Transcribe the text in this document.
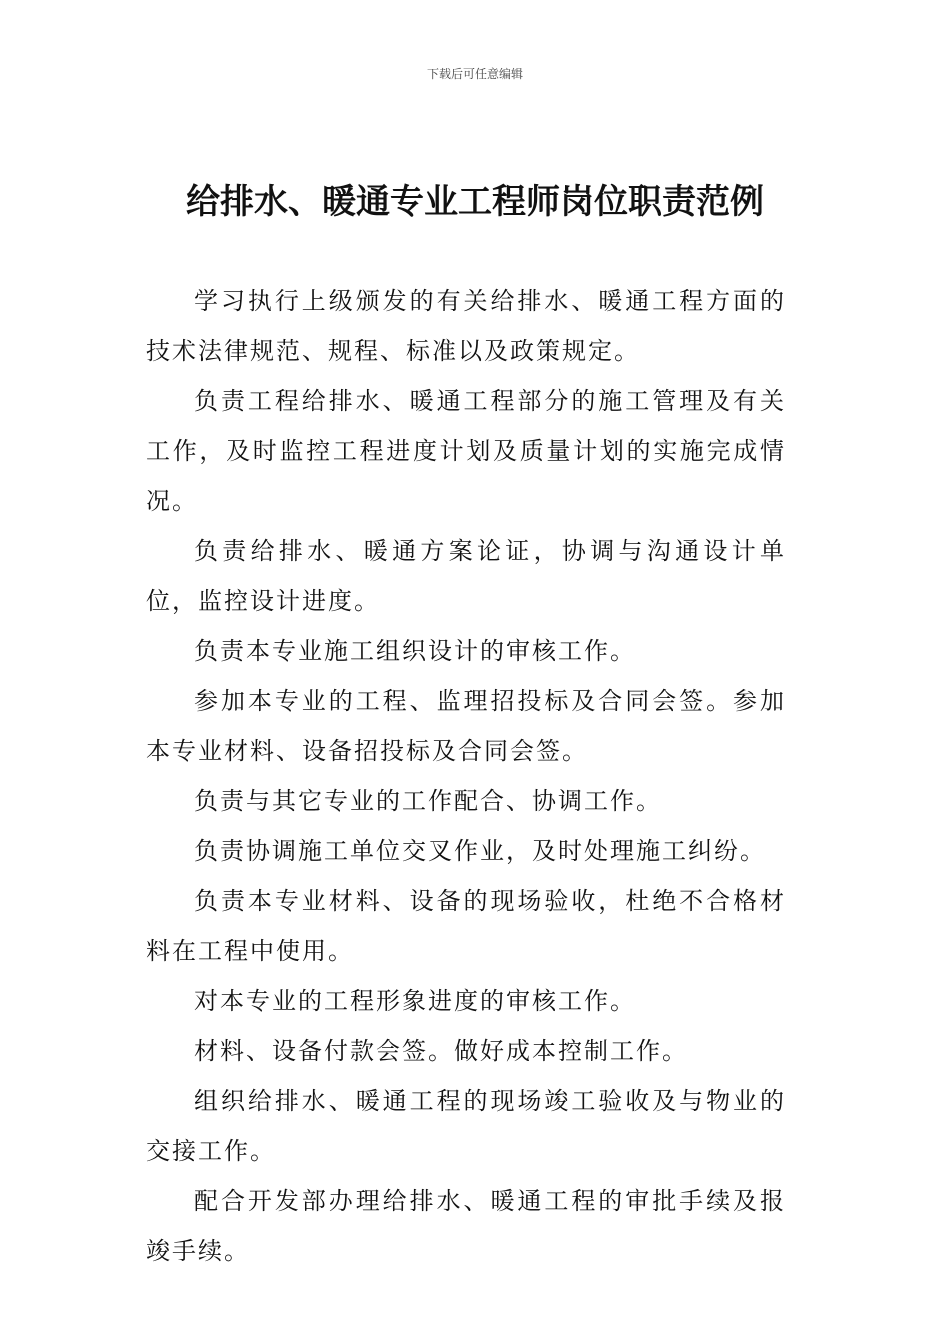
下载后可任意编辑
给排水、暖通专业工程师岗位职责范例

学习执行上级颁发的有关给排水、暖通工程方面的技术法律规范、规程、标准以及政策规定。

负责工程给排水、暖通工程部分的施工管理及有关工作，及时监控工程进度计划及质量计划的实施完成情况。

负责给排水、暖通方案论证，协调与沟通设计单位，监控设计进度。

负责本专业施工组织设计的审核工作。

参加本专业的工程、监理招投标及合同会签。参加本专业材料、设备招投标及合同会签。

负责与其它专业的工作配合、协调工作。

负责协调施工单位交叉作业，及时处理施工纠纷。

负责本专业材料、设备的现场验收，杜绝不合格材料在工程中使用。

对本专业的工程形象进度的审核工作。

材料、设备付款会签。做好成本控制工作。

组织给排水、暖通工程的现场竣工验收及与物业的交接工作。

配合开发部办理给排水、暖通工程的审批手续及报竣手续。
